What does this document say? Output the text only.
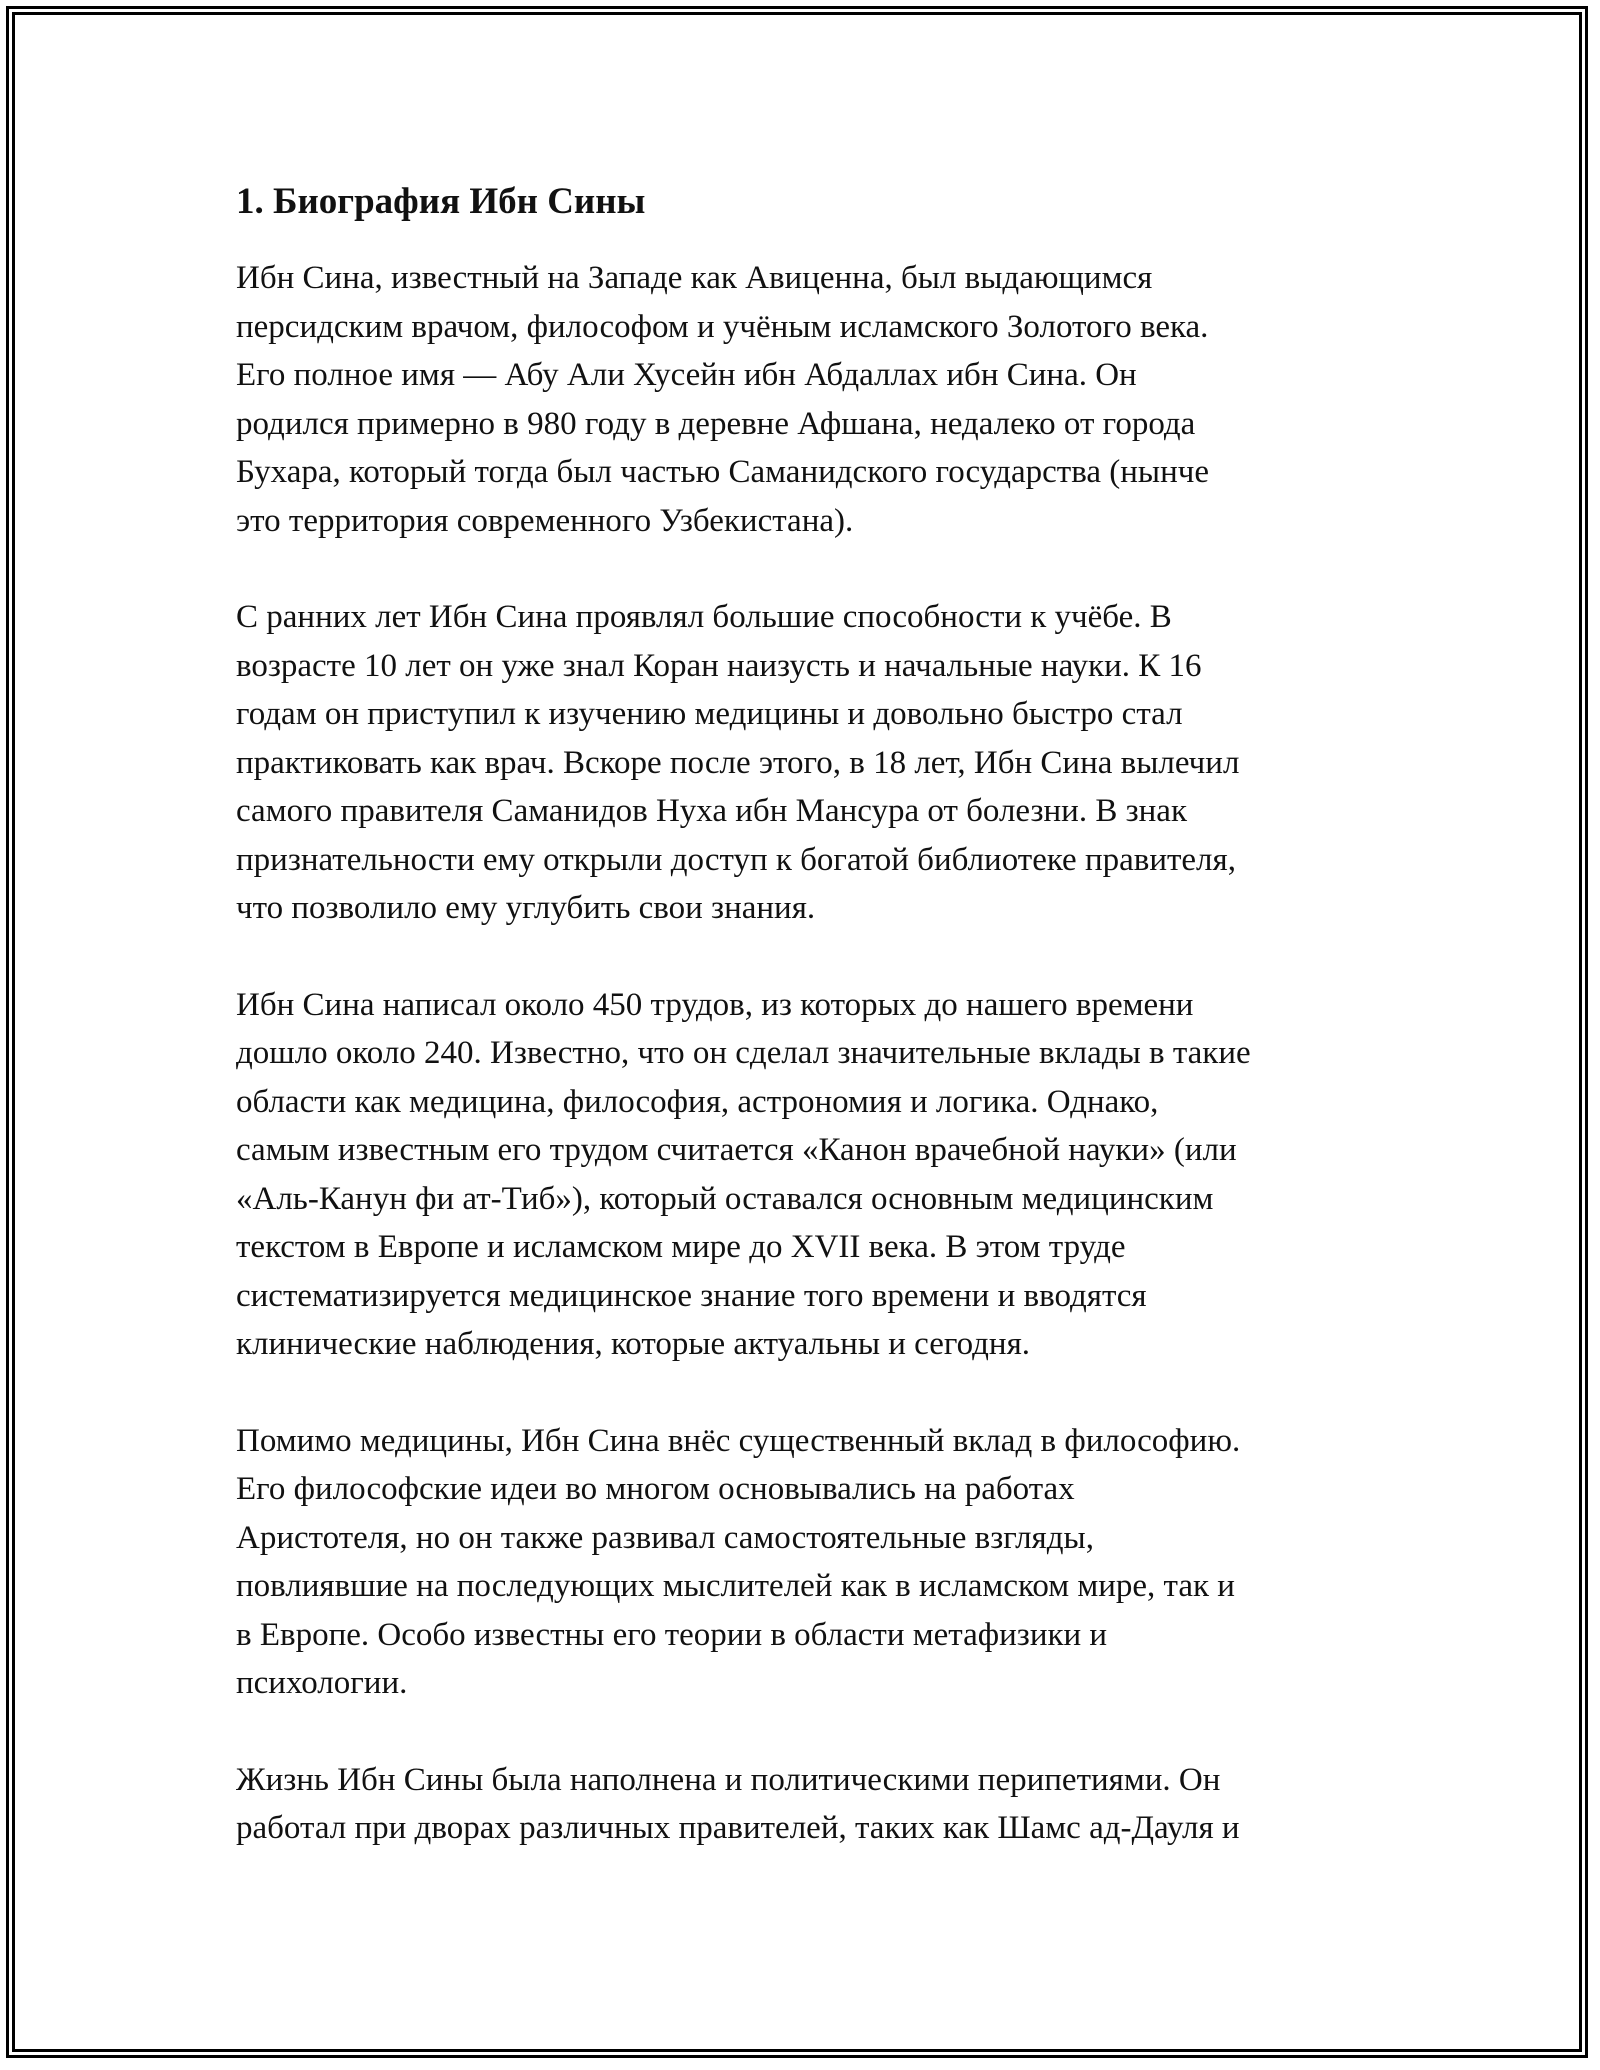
1. Биография Ибн Сины

Ибн Сина, известный на Западе как Авиценна, был выдающимся
персидским врачом, философом и учёным исламского Золотого века.
Его полное имя — Абу Али Хусейн ибн Абдаллах ибн Сина. Он
родился примерно в 980 году в деревне Афшана, недалеко от города
Бухара, который тогда был частью Саманидского государства (нынче
это территория современного Узбекистана).

С ранних лет Ибн Сина проявлял большие способности к учёбе. В
возрасте 10 лет он уже знал Коран наизусть и начальные науки. К 16
годам он приступил к изучению медицины и довольно быстро стал
практиковать как врач. Вскоре после этого, в 18 лет, Ибн Сина вылечил
самого правителя Саманидов Нуха ибн Мансура от болезни. В знак
признательности ему открыли доступ к богатой библиотеке правителя,
что позволило ему углубить свои знания.

Ибн Сина написал около 450 трудов, из которых до нашего времени
дошло около 240. Известно, что он сделал значительные вклады в такие
области как медицина, философия, астрономия и логика. Однако,
самым известным его трудом считается «Канон врачебной науки» (или
«Аль-Канун фи ат-Тиб»), который оставался основным медицинским
текстом в Европе и исламском мире до XVII века. В этом труде
систематизируется медицинское знание того времени и вводятся
клинические наблюдения, которые актуальны и сегодня.

Помимо медицины, Ибн Сина внёс существенный вклад в философию.
Его философские идеи во многом основывались на работах
Аристотеля, но он также развивал самостоятельные взгляды,
повлиявшие на последующих мыслителей как в исламском мире, так и
в Европе. Особо известны его теории в области метафизики и
психологии.

Жизнь Ибн Сины была наполнена и политическими перипетиями. Он
работал при дворах различных правителей, таких как Шамс ад-Дауля и
